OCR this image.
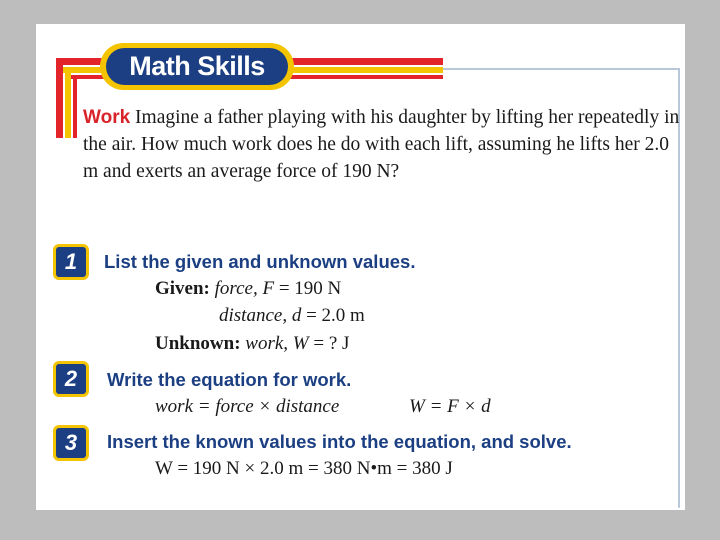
Math Skills
Work Imagine a father playing with his daughter by lifting her repeatedly in the air. How much work does he do with each lift, assuming he lifts her 2.0 m and exerts an average force of 190 N?
1	List the given and unknown values.
Given: force, F = 190 N
distance, d = 2.0 m
Unknown: work, W = ? J
2	Write the equation for work.
work = force × distance	W = F × d
3	Insert the known values into the equation, and solve.
W = 190 N × 2.0 m = 380 N•m = 380 J
